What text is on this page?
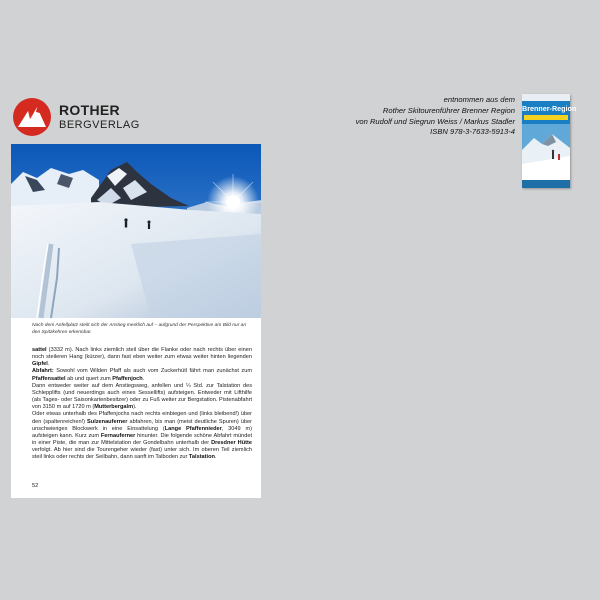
ROTHER
BERGVERLAG
entnommen aus dem
Rother Skitourenführer Brenner Region
von Rudolf und Siegrun Weiss / Markus Stadler
ISBN 978-3-7633-5913-4
Brenner-Region
Nach dem Anfellplatz steilt sich der Anstieg merklich auf – aufgrund der Perspektive am Bild nur an den Spitzkehren erkennbar.

sattel (3332 m). Nach links ziemlich steil über die Flanke oder nach rechts über einen noch steileren Hang (kürzer), dann fast eben weiter zum etwas weiter hinten liegenden Gipfel.

Abfahrt: Sowohl vom Wilden Pfaff als auch vom Zuckerhütl fährt man zunächst zum Pfaffensattel ab und quert zum Pfaffenjoch.

Dann entweder weiter auf dem Anstiegsweg, anfellen und ¼ Std. zur Talstation des Schlepplifts (und neuerdings auch eines Sessellifts) aufsteigen. Entweder mit Lifthilfe (als Tages- oder Saisonkartenbesitzer) oder zu Fuß weiter zur Bergstation. Pistenabfahrt von 3150 m auf 1720 m (Mutterbergalm).

Oder etwas unterhalb des Pfaffenjochs nach rechts einbiegen und (links bleibend!) über den (spaltenreichen!) Sulzenauferner abfahren, bis man (meist deutliche Spuren) über unschwieriges Blockwerk in eine Einsattelung (Lange Pfaffennieder, 3049 m) aufsteigen kann. Kurz zum Fernauferner hinunter. Die folgende schöne Abfahrt mündet in einer Piste, die man zur Mittelstation der Gondelbahn unterhalb der Dresdner Hütte verfolgt. Ab hier sind die Tourengeher wieder (fast) unter sich. Im oberen Teil ziemlich steil links oder rechts der Seilbahn, dann sanft im Talboden zur Talstation.

52
